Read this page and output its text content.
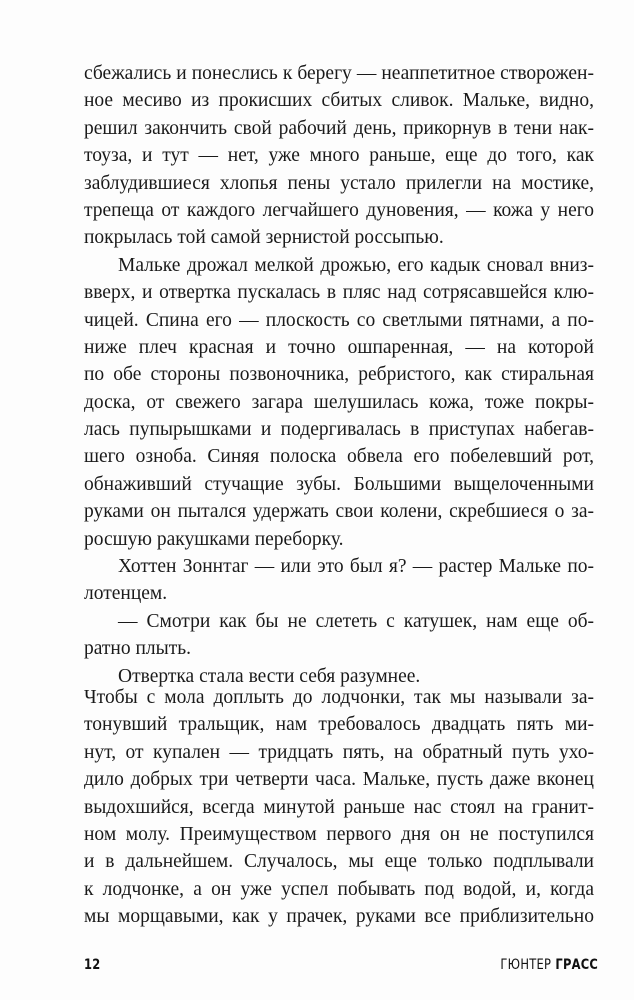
сбежались и понеслись к берегу — неаппетитное створожен-
ное месиво из прокисших сбитых сливок. Мальке, видно,
решил закончить свой рабочий день, прикорнув в тени нак-
тоуза, и тут — нет, уже много раньше, еще до того, как
заблудившиеся хлопья пены устало прилегли на мостике,
трепеща от каждого легчайшего дуновения, — кожа у него
покрылась той самой зернистой россыпью.
Мальке дрожал мелкой дрожью, его кадык сновал вниз-
вверх, и отвертка пускалась в пляс над сотрясавшейся клю-
чицей. Спина его — плоскость со светлыми пятнами, а по-
ниже плеч красная и точно ошпаренная, — на которой
по обе стороны позвоночника, ребристого, как стиральная
доска, от свежего загара шелушилась кожа, тоже покры-
лась пупырышками и подергивалась в приступах набегав-
шего озноба. Синяя полоска обвела его побелевший рот,
обнаживший стучащие зубы. Большими выщелоченными
руками он пытался удержать свои колени, скребшиеся о за-
росшую ракушками переборку.
Хоттен Зоннтаг — или это был я? — растер Мальке по-
лотенцем.
— Смотри как бы не слететь с катушек, нам еще об-
ратно плыть.
Отвертка стала вести себя разумнее.
Чтобы с мола доплыть до лодчонки, так мы называли за-
тонувший тральщик, нам требовалось двадцать пять ми-
нут, от купален — тридцать пять, на обратный путь ухо-
дило добрых три четверти часа. Мальке, пусть даже вконец
выдохшийся, всегда минутой раньше нас стоял на гранит-
ном молу. Преимуществом первого дня он не поступился
и в дальнейшем. Случалось, мы еще только подплывали
к лодчонке, а он уже успел побывать под водой, и, когда
мы морщавыми, как у прачек, руками все приблизительно
12	ГЮНТЕР ГРАСС
